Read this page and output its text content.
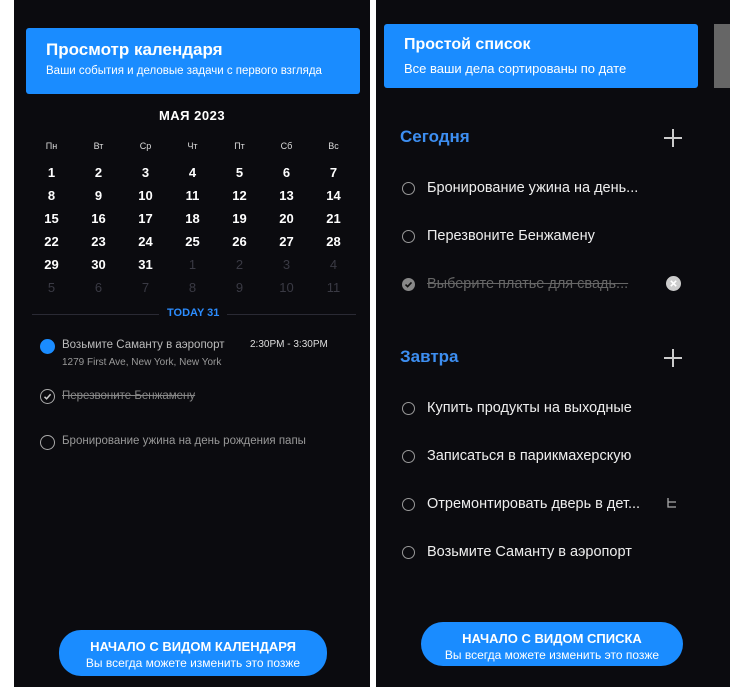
Просмотр календаря
Ваши события и деловые задачи с первого взгляда
МАЯ 2023
Пн	Вт	Ср	Чт	Пт	Сб	Вс
1	2	3	4	5	6	7
8	9	10	11	12	13	14
15	16	17	18	19	20	21
22	23	24	25	26	27	28
29	30	31	1	2	3	4
5	6	7	8	9	10	11
TODAY 31
Возьмите Саманту в аэропорт	2:30PM - 3:30PM
1279 First Ave, New York, New York
Перезвоните Бенжамену
Бронирование ужина на день рождения папы
НАЧАЛО С ВИДОМ КАЛЕНДАРЯ
Вы всегда можете изменить это позже
Простой список
Все ваши дела сортированы по дате
Сегодня
Бронирование ужина на день...
Перезвоните Бенжамену
Выберите платье для свадь...
Завтра
Купить продукты на выходные
Записаться в парикмахерскую
Отремонтировать дверь в дет...
Возьмите Саманту в аэропорт
НАЧАЛО С ВИДОМ СПИСКА
Вы всегда можете изменить это позже
